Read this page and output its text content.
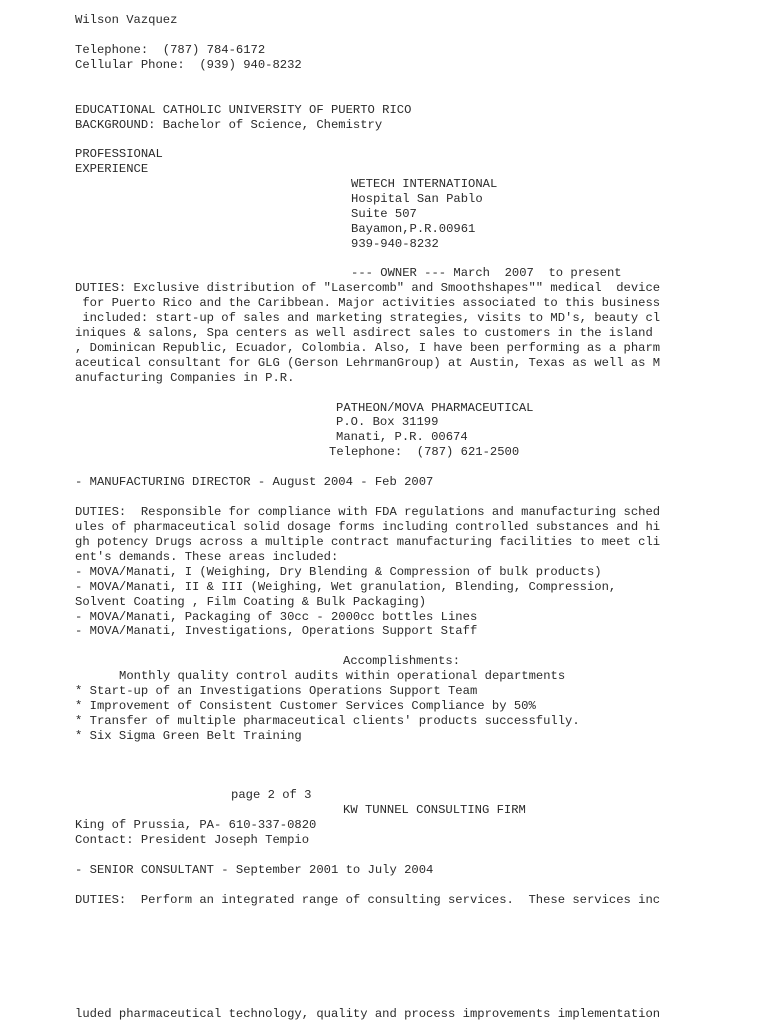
Wilson Vazquez

Telephone:  (787) 784-6172

Cellular Phone:  (939) 940-8232

EDUCATIONAL CATHOLIC UNIVERSITY OF PUERTO RICO

BACKGROUND: Bachelor of Science, Chemistry

PROFESSIONAL

EXPERIENCE

WETECH INTERNATIONAL

Hospital San Pablo

Suite 507

Bayamon,P.R.00961

939-940-8232

--- OWNER --- March  2007  to present

DUTIES: Exclusive distribution of "Lasercomb" and Smoothshapes"" medical  device

for Puerto Rico and the Caribbean. Major activities associated to this business

included: start-up of sales and marketing strategies, visits to MD's, beauty cl

iniques & salons, Spa centers as well asdirect sales to customers in the island

, Dominican Republic, Ecuador, Colombia. Also, I have been performing as a pharm

aceutical consultant for GLG (Gerson LehrmanGroup) at Austin, Texas as well as M

anufacturing Companies in P.R.

PATHEON/MOVA PHARMACEUTICAL

P.O. Box 31199

Manati, P.R. 00674

Telephone:  (787) 621-2500

- MANUFACTURING DIRECTOR - August 2004 - Feb 2007

DUTIES:  Responsible for compliance with FDA regulations and manufacturing sched

ules of pharmaceutical solid dosage forms including controlled substances and hi

gh potency Drugs across a multiple contract manufacturing facilities to meet cli

ent's demands. These areas included:

- MOVA/Manati, I (Weighing, Dry Blending & Compression of bulk products)

- MOVA/Manati, II & III (Weighing, Wet granulation, Blending, Compression,

Solvent Coating , Film Coating & Bulk Packaging)

- MOVA/Manati, Packaging of 30cc - 2000cc bottles Lines

- MOVA/Manati, Investigations, Operations Support Staff

Accomplishments:

Monthly quality control audits within operational departments

* Start-up of an Investigations Operations Support Team

* Improvement of Consistent Customer Services Compliance by 50%

* Transfer of multiple pharmaceutical clients' products successfully.

* Six Sigma Green Belt Training

page 2 of 3

KW TUNNEL CONSULTING FIRM

King of Prussia, PA- 610-337-0820

Contact: President Joseph Tempio

- SENIOR CONSULTANT - September 2001 to July 2004

DUTIES:  Perform an integrated range of consulting services.  These services inc

luded pharmaceutical technology, quality and process improvements implementation
